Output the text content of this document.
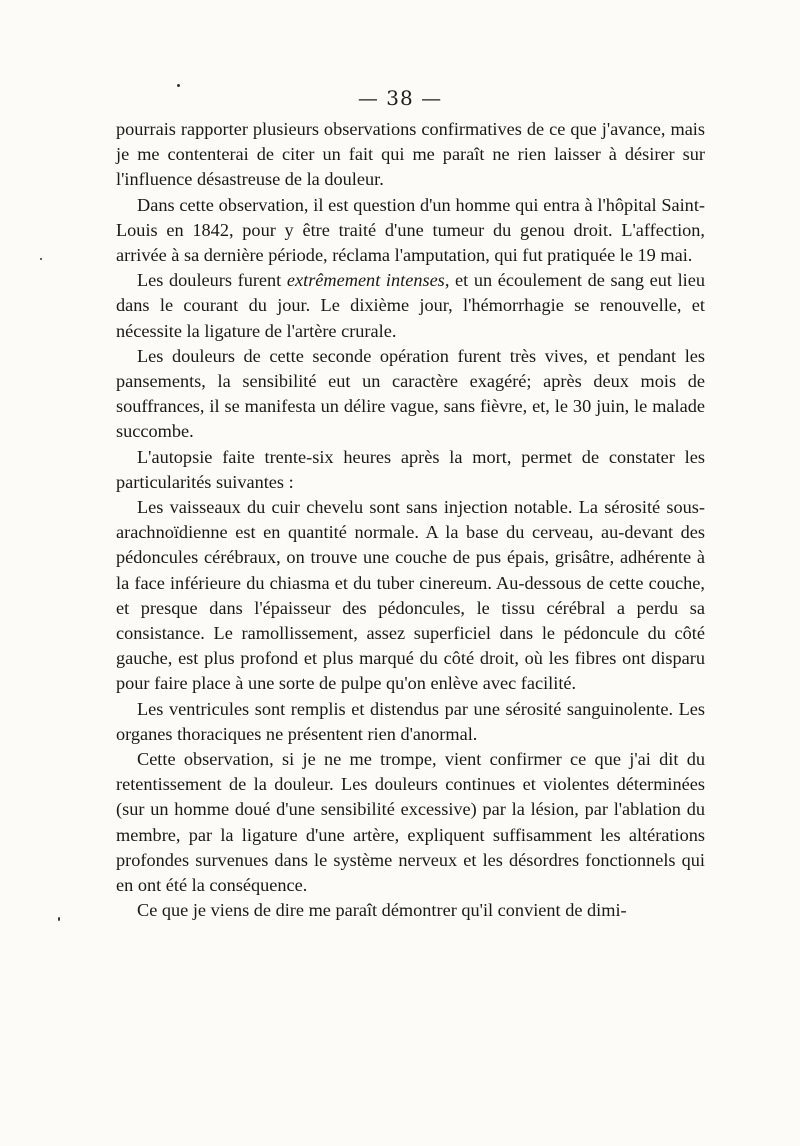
— 38 —

pourrais rapporter plusieurs observations confirmatives de ce que j'avance, mais je me contenterai de citer un fait qui me paraît ne rien laisser à désirer sur l'influence désastreuse de la douleur.

Dans cette observation, il est question d'un homme qui entra à l'hôpital Saint-Louis en 1842, pour y être traité d'une tumeur du genou droit. L'affection, arrivée à sa dernière période, réclama l'amputation, qui fut pratiquée le 19 mai.

Les douleurs furent extrêmement intenses, et un écoulement de sang eut lieu dans le courant du jour. Le dixième jour, l'hémorrhagie se renouvelle, et nécessite la ligature de l'artère crurale.

Les douleurs de cette seconde opération furent très vives, et pendant les pansements, la sensibilité eut un caractère exagéré; après deux mois de souffrances, il se manifesta un délire vague, sans fièvre, et, le 30 juin, le malade succombe.

L'autopsie faite trente-six heures après la mort, permet de constater les particularités suivantes :

Les vaisseaux du cuir chevelu sont sans injection notable. La sérosité sous-arachnoïdienne est en quantité normale. A la base du cerveau, au-devant des pédoncules cérébraux, on trouve une couche de pus épais, grisâtre, adhérente à la face inférieure du chiasma et du tuber cinereum. Au-dessous de cette couche, et presque dans l'épaisseur des pédoncules, le tissu cérébral a perdu sa consistance. Le ramollissement, assez superficiel dans le pédoncule du côté gauche, est plus profond et plus marqué du côté droit, où les fibres ont disparu pour faire place à une sorte de pulpe qu'on enlève avec facilité.

Les ventricules sont remplis et distendus par une sérosité sanguinolente. Les organes thoraciques ne présentent rien d'anormal.

Cette observation, si je ne me trompe, vient confirmer ce que j'ai dit du retentissement de la douleur. Les douleurs continues et violentes déterminées (sur un homme doué d'une sensibilité excessive) par la lésion, par l'ablation du membre, par la ligature d'une artère, expliquent suffisamment les altérations profondes survenues dans le système nerveux et les désordres fonctionnels qui en ont été la conséquence.

Ce que je viens de dire me paraît démontrer qu'il convient de dimi-
